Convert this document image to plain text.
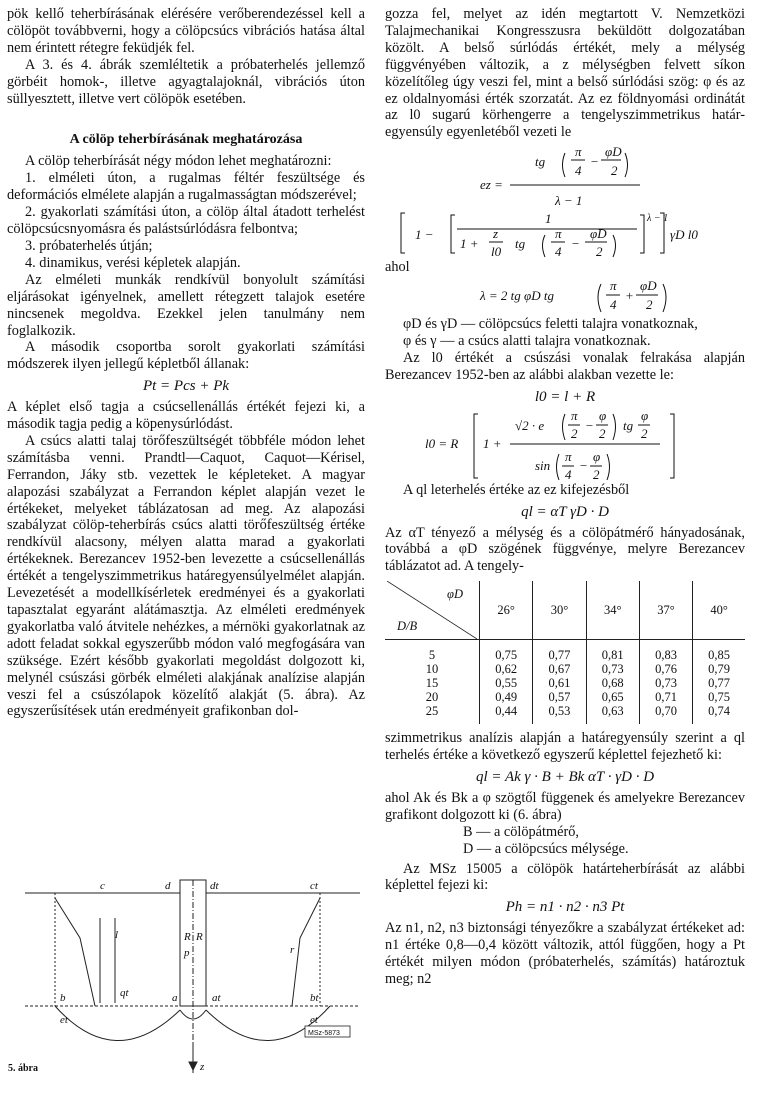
pök kellő teherbírásának elérésére verőberendezéssel kell a cölöpöt továbbverni, hogy a cölöpcsúcs vibrációs hatása által nem érintett rétegre feküdjék fel.

A 3. és 4. ábrák szemléltetik a próbaterhelés jellemző görbéit homok-, illetve agyagtalajoknál, vibrációs úton süllyesztett, illetve vert cölöpök esetében.

A cölöp teherbírásának meghatározása

A cölöp teherbírását négy módon lehet meghatározni:

1. elméleti úton, a rugalmas féltér feszültsége és deformációs elmélete alapján a rugalmasságtan módszerével;

2. gyakorlati számítási úton, a cölöp által átadott terhelést cölöpcsúcsnyomásra és palástsúrlódásra felbontva;

3. próbaterhelés útján;

4. dinamikus, verési képletek alapján.

Az elméleti munkák rendkívül bonyolult számítási eljárásokat igényelnek, amellett rétegzett talajok esetére nincsenek megoldva. Ezekkel jelen tanulmány nem foglalkozik.

A második csoportba sorolt gyakorlati számítási módszerek ilyen jellegű képletből állanak:

Pt = Pcs + Pk

A képlet első tagja a csúcsellenállás értékét fejezi ki, a második tagja pedig a köpenysúrlódást.

A csúcs alatti talaj törőfeszültségét többféle módon lehet számításba venni. Prandtl—Caquot, Caquot—Kérisel, Ferrandon, Jáky stb. vezettek le képleteket. A magyar alapozási szabályzat a Ferrandon képlet alapján vezet le értékeket, melyeket táblázatosan ad meg. Az alapozási szabályzat cölöp-teherbírás csúcs alatti törőfeszültség értéke rendkívül alacsony, mélyen alatta marad a gyakorlati értékeknek. Berezancev 1952-ben levezette a csúcsellenállás értékét a tengelyszimmetrikus határegyensúlyelmélet alapján. Levezetését a modellkísérletek eredményei és a gyakorlati tapasztalat egyaránt alátámasztja. Az elméleti eredmények gyakorlatba való átvitele nehézkes, a mérnöki gyakorlatnak az adott feladat sokkal egyszerűbb módon való megfogására van szüksége. Ezért később gyakorlati megoldást dolgozott ki, melynél csúszási görbék elméleti alakjának analízise alapján veszi fel a csúszólapok közelítő alakját (5. ábra). Az egyszerűsítések után eredményeit grafikonban dol-

c	d	dt	ct
l
qt
R R
p	r
b	a	at	bt
et	et
z
MSz-5873
5. ábra

gozza fel, melyet az idén megtartott V. Nemzetközi Talajmechanikai Kongresszusra beküldött dolgozatában közölt. A belső súrlódás értékét, mely a mélység függvényében változik, a z mélységben felvett síkon közelítőleg úgy veszi fel, mint a belső súrlódási szög: φ és az ez oldalnyomási érték szorzatát. Az ez földnyomási ordinátát az l0 sugarú körhengerre a tengelyszimmetrikus határ-egyensúly egyenletéből vezeti le

ez =
tg
π
4
−
φD
2
λ − 1
1 −
1
1 +
z
l0
tg
π
4
−
φD
2
λ − 1
γD l0

ahol

λ = 2 tg φD tg
π
4
+
φD
2

φD és γD — cölöpcsúcs feletti talajra vonatkoznak,

φ és γ — a csúcs alatti talajra vonatkoznak.

Az l0 értékét a csúszási vonalak felrakása alapján Berezancev 1952-ben az alábbi alakban vezette le:

l0 = l + R
l0 = R 1 +
√2 · e
π
2
−
φ
2
tg
φ
2
sin
π
4
−
φ
2

A ql leterhelés értéke az ez kifejezésből

ql = αT γD · D

Az αT tényező a mélység és a cölöpátmérő hányadosának, továbbá a φD szögének függvénye, melyre Berezancev táblázatot ad. A tengely-

φD
D/B	26°	30°	34°	37°	40°
5	0,75	0,77	0,81	0,83	0,85
10	0,62	0,67	0,73	0,76	0,79
15	0,55	0,61	0,68	0,73	0,77
20	0,49	0,57	0,65	0,71	0,75
25	0,44	0,53	0,63	0,70	0,74

szimmetrikus analízis alapján a határegyensúly szerint a ql terhelés értéke a következő egyszerű képlettel fejezhető ki:

ql = Ak γ · B + Bk αT · γD · D

ahol Ak és Bk a φ szögtől függenek és amelyekre Berezancev grafikont dolgozott ki (6. ábra)

B — a cölöpátmérő,

D — a cölöpcsúcs mélysége.

Az MSz 15005 a cölöpök határteherbírását az alábbi képlettel fejezi ki:

Ph = n1 · n2 · n3 Pt

Az n1, n2, n3 biztonsági tényezőkre a szabályzat értékeket ad: n1 értéke 0,8—0,4 között változik, attól függően, hogy a Pt értékét milyen módon (próbaterhelés, számítás) határoztuk meg; n2
